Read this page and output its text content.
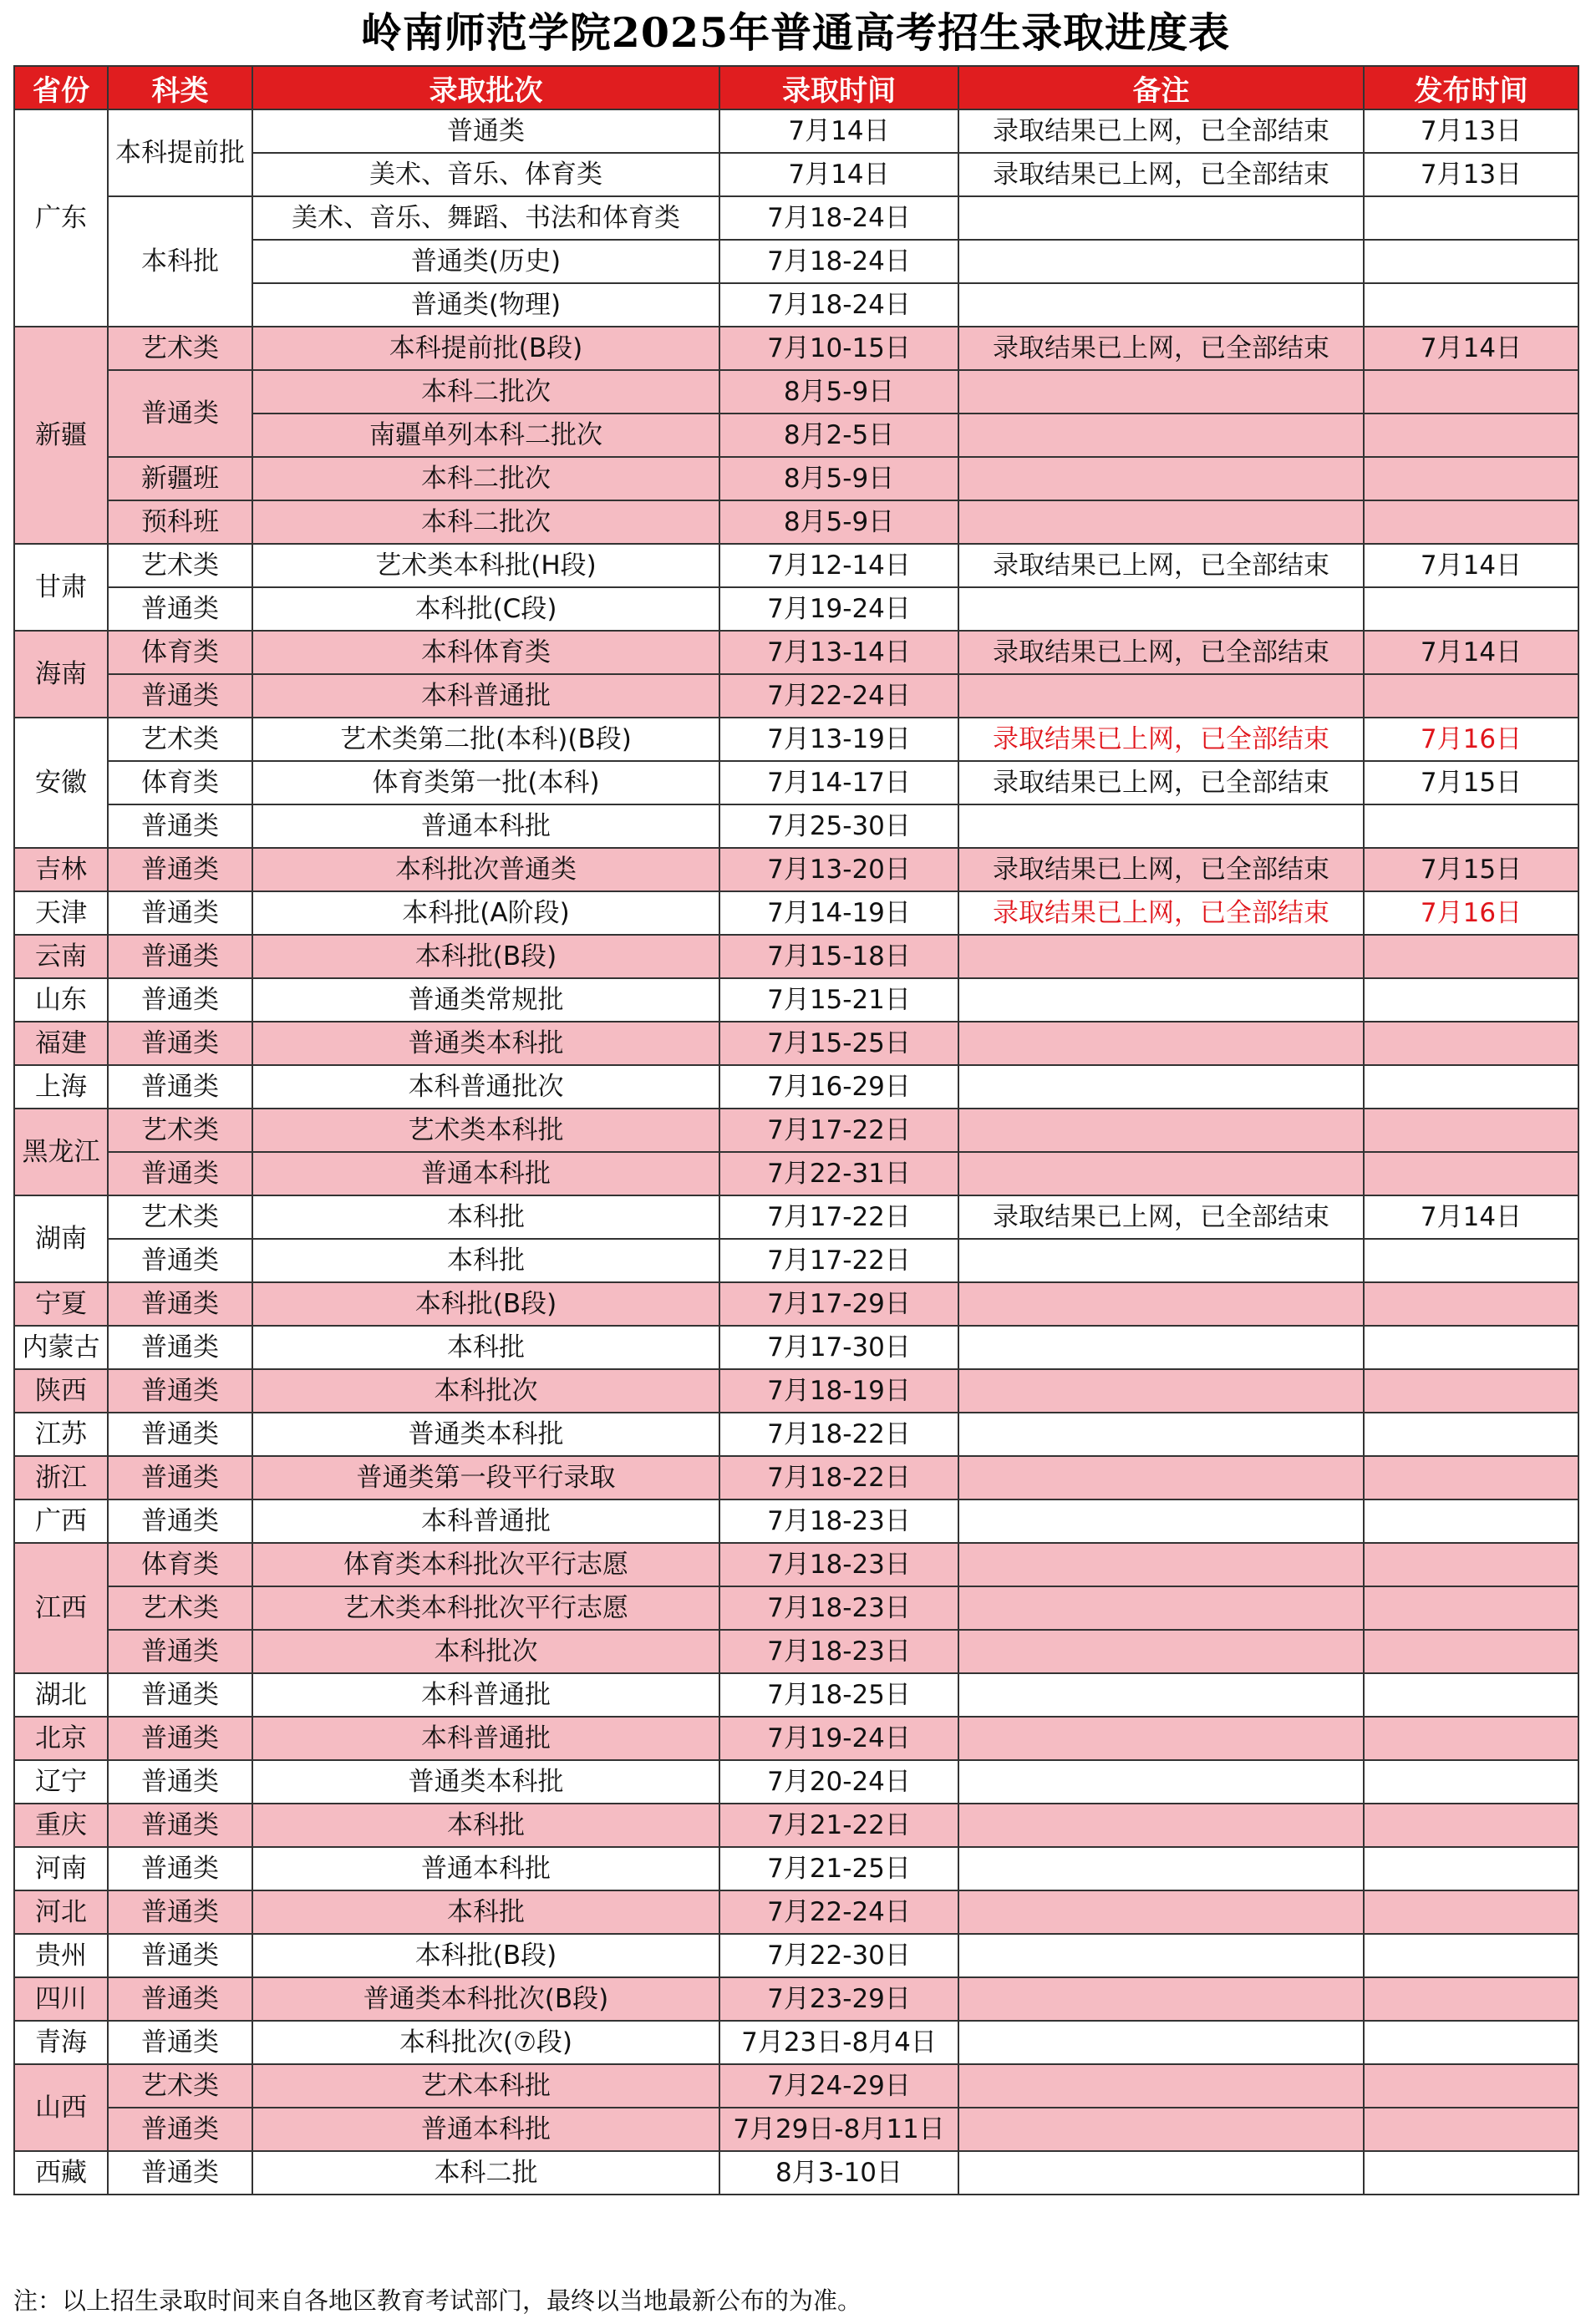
岭南师范学院2025年普通高考招生录取进度表
省份	科类	录取批次	录取时间	备注	发布时间
广东	本科提前批	普通类	7月14日	录取结果已上网，已全部结束	7月13日
		美术、音乐、体育类	7月14日	录取结果已上网，已全部结束	7月13日
	本科批	美术、音乐、舞蹈、书法和体育类	7月18-24日		
		普通类(历史)	7月18-24日		
		普通类(物理)	7月18-24日		
新疆	艺术类	本科提前批(B段)	7月10-15日	录取结果已上网，已全部结束	7月14日
	普通类	本科二批次	8月5-9日		
		南疆单列本科二批次	8月2-5日		
	新疆班	本科二批次	8月5-9日		
	预科班	本科二批次	8月5-9日		
甘肃	艺术类	艺术类本科批(H段)	7月12-14日	录取结果已上网，已全部结束	7月14日
	普通类	本科批(C段)	7月19-24日		
海南	体育类	本科体育类	7月13-14日	录取结果已上网，已全部结束	7月14日
	普通类	本科普通批	7月22-24日		
安徽	艺术类	艺术类第二批(本科)(B段)	7月13-19日	录取结果已上网，已全部结束	7月16日
	体育类	体育类第一批(本科)	7月14-17日	录取结果已上网，已全部结束	7月15日
	普通类	普通本科批	7月25-30日		
吉林	普通类	本科批次普通类	7月13-20日	录取结果已上网，已全部结束	7月15日
天津	普通类	本科批(A阶段)	7月14-19日	录取结果已上网，已全部结束	7月16日
云南	普通类	本科批(B段)	7月15-18日		
山东	普通类	普通类常规批	7月15-21日		
福建	普通类	普通类本科批	7月15-25日		
上海	普通类	本科普通批次	7月16-29日		
黑龙江	艺术类	艺术类本科批	7月17-22日		
	普通类	普通本科批	7月22-31日		
湖南	艺术类	本科批	7月17-22日	录取结果已上网，已全部结束	7月14日
	普通类	本科批	7月17-22日		
宁夏	普通类	本科批(B段)	7月17-29日		
内蒙古	普通类	本科批	7月17-30日		
陕西	普通类	本科批次	7月18-19日		
江苏	普通类	普通类本科批	7月18-22日		
浙江	普通类	普通类第一段平行录取	7月18-22日		
广西	普通类	本科普通批	7月18-23日		
江西	体育类	体育类本科批次平行志愿	7月18-23日		
	艺术类	艺术类本科批次平行志愿	7月18-23日		
	普通类	本科批次	7月18-23日		
湖北	普通类	本科普通批	7月18-25日		
北京	普通类	本科普通批	7月19-24日		
辽宁	普通类	普通类本科批	7月20-24日		
重庆	普通类	本科批	7月21-22日		
河南	普通类	普通本科批	7月21-25日		
河北	普通类	本科批	7月22-24日		
贵州	普通类	本科批(B段)	7月22-30日		
四川	普通类	普通类本科批次(B段)	7月23-29日		
青海	普通类	本科批次(⑦段)	7月23日-8月4日		
山西	艺术类	艺术本科批	7月24-29日		
	普通类	普通本科批	7月29日-8月11日		
西藏	普通类	本科二批	8月3-10日		
注：以上招生录取时间来自各地区教育考试部门，最终以当地最新公布的为准。
